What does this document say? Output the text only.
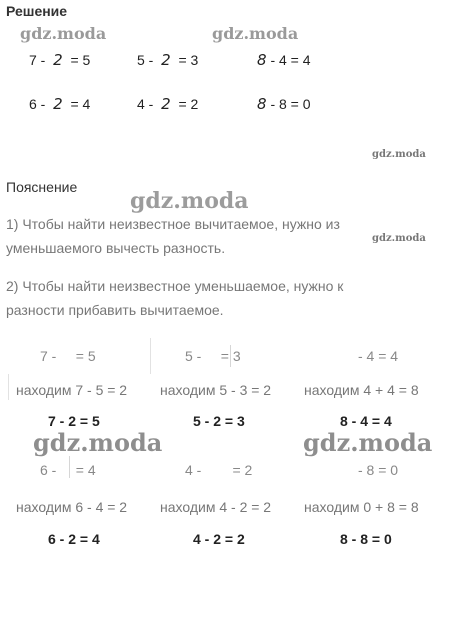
Решение
gdz.moda	gdz.moda
7 - 2 = 5	5 - 2 = 3	8 - 4 = 4
6 - 2 = 4	4 - 2 = 2	8 - 8 = 0
gdz.moda
Пояснение
gdz.moda
1) Чтобы найти неизвестное вычитаемое, нужно из
уменьшаемого вычесть разность.
gdz.moda
2) Чтобы найти неизвестное уменьшаемое, нужно к
разности прибавить вычитаемое.
7 - = 5	5 - = 3	- 4 = 4
находим 7 - 5 = 2 находим 5 - 3 = 2 находим 4 + 4 = 8
7 - 2 = 5	5 - 2 = 3	8 - 4 = 4
gdz.moda	gdz.moda
6 - = 4	4 - = 2	- 8 = 0
находим 6 - 4 = 2 находим 4 - 2 = 2 находим 0 + 8 = 8
6 - 2 = 4	4 - 2 = 2	8 - 8 = 0
